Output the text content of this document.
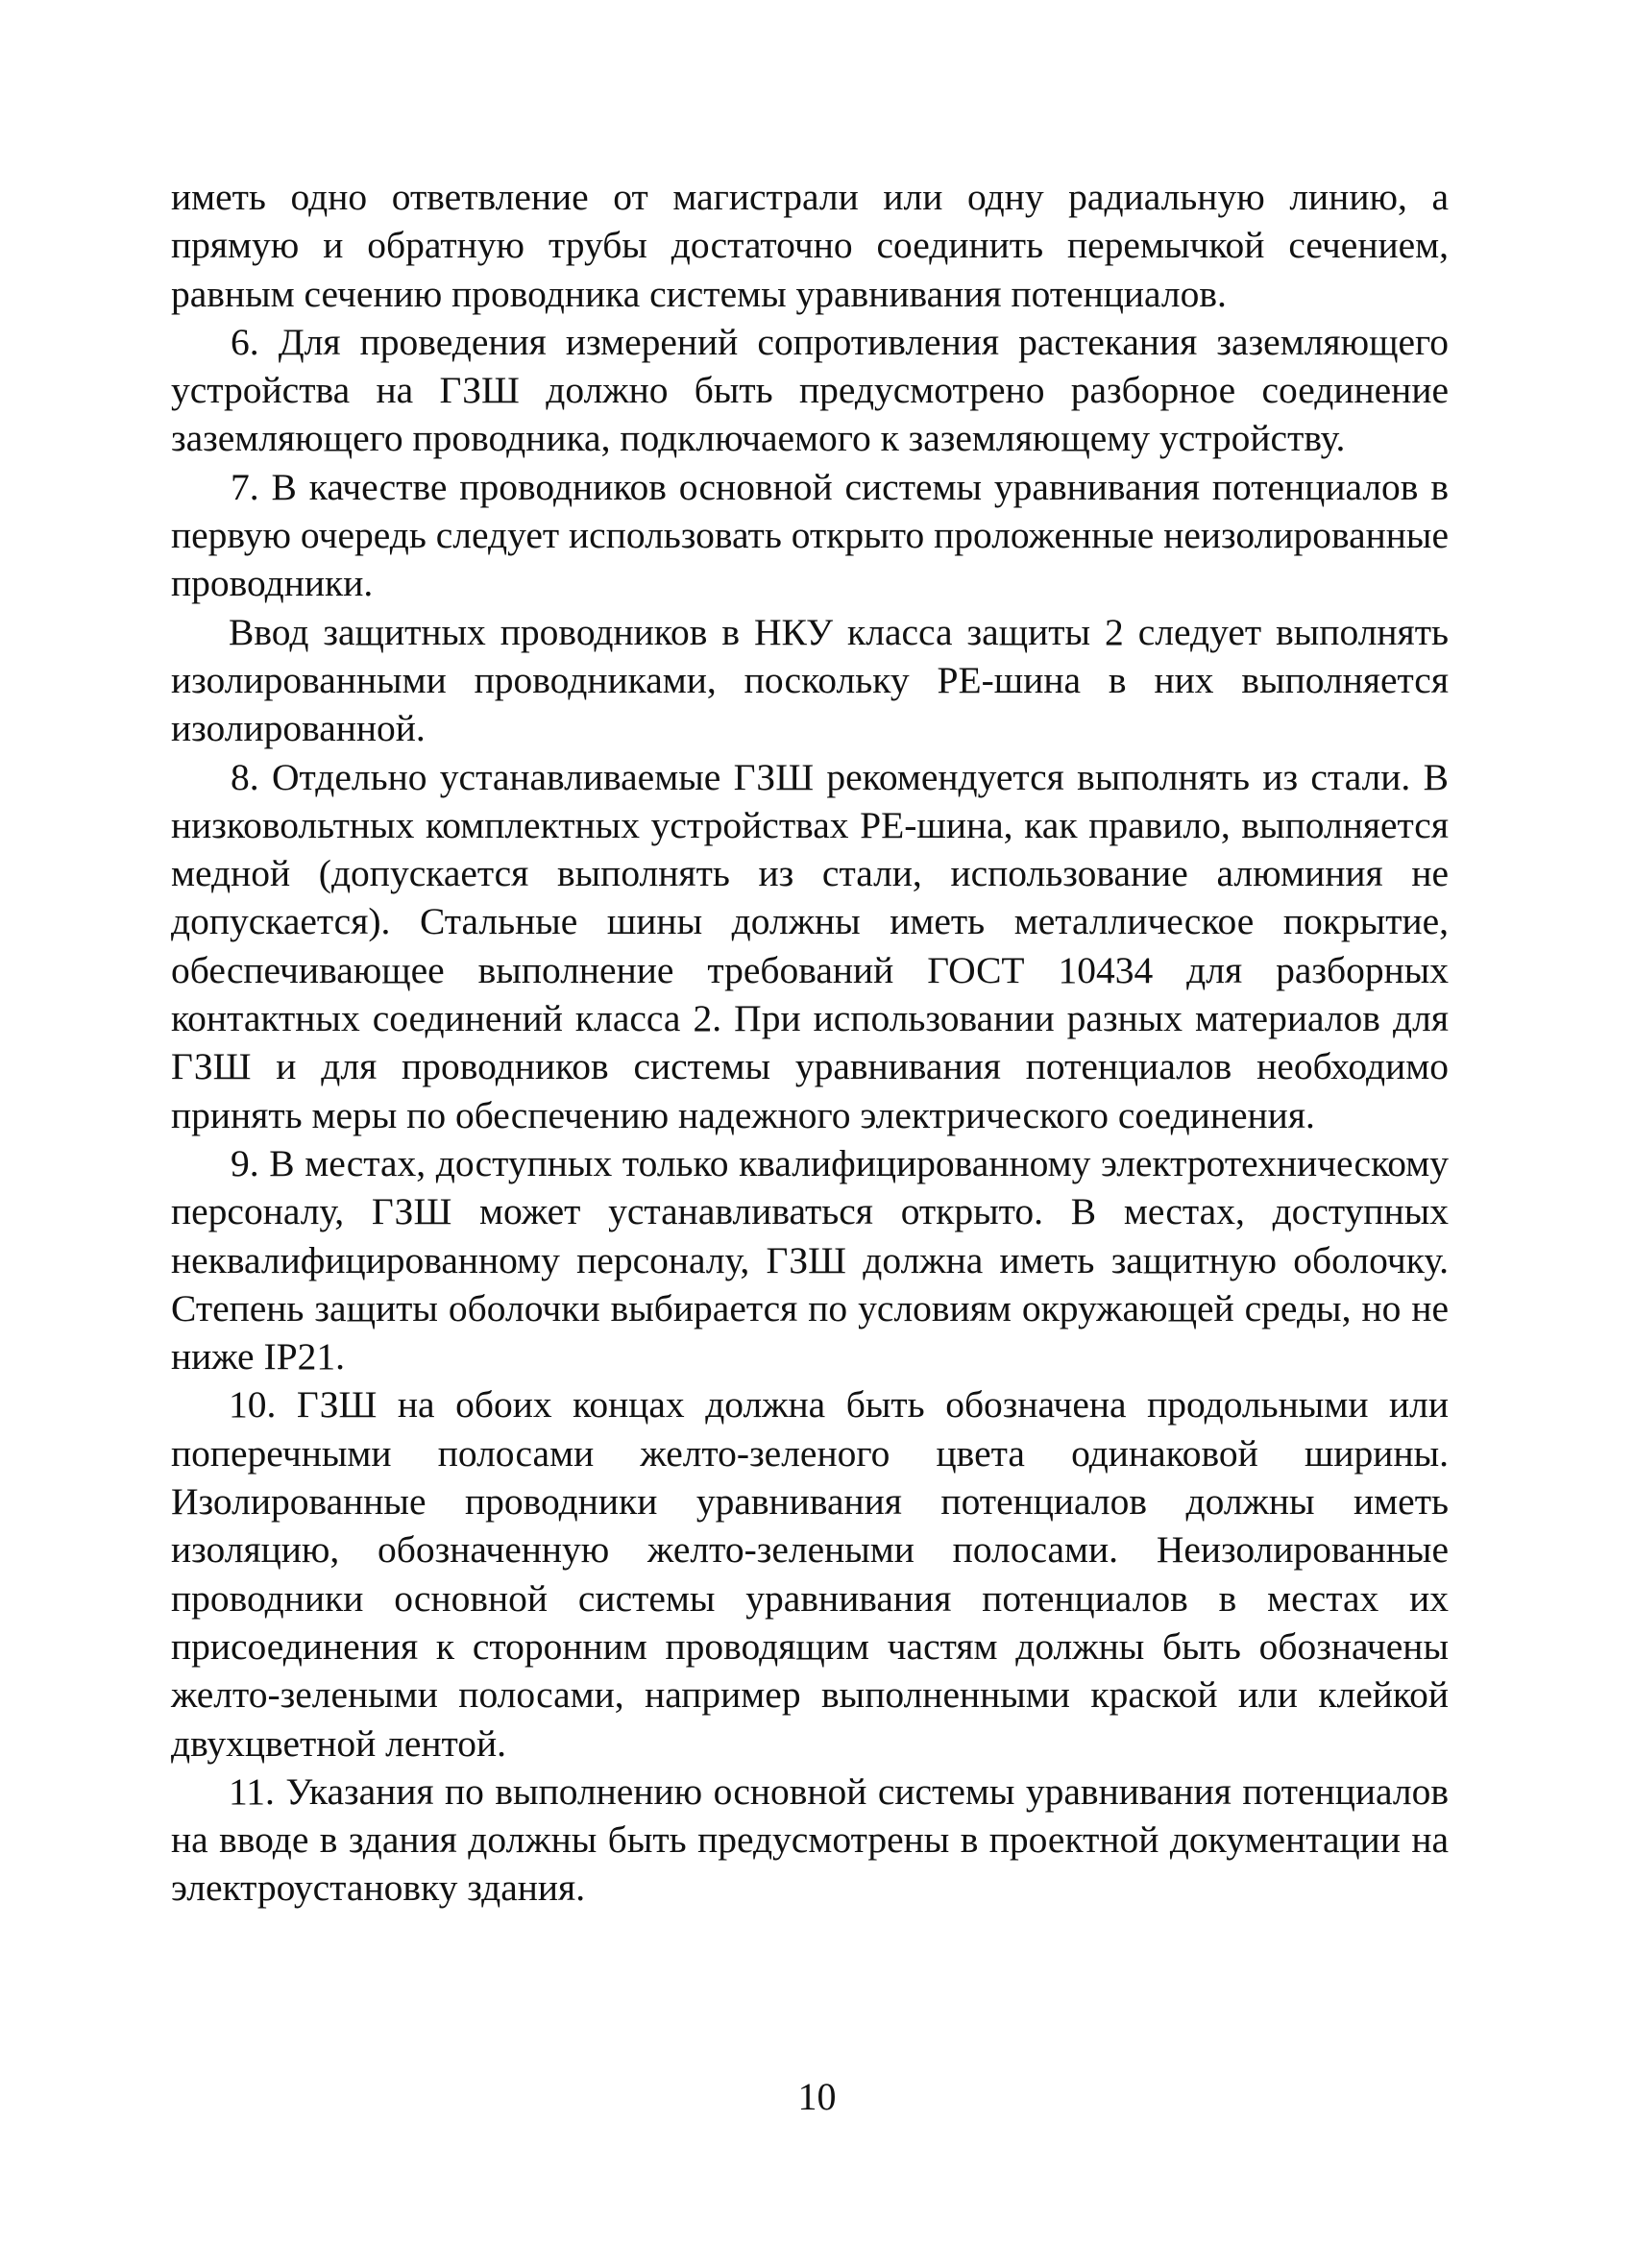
иметь одно ответвление от магистрали или одну радиальную линию, а прямую и обратную трубы достаточно соединить перемычкой сечением, равным сечению проводника системы уравнивания потенциалов.

6. Для проведения измерений сопротивления растекания заземляющего устройства на ГЗШ должно быть предусмотрено разборное соединение заземляющего проводника, подключаемого к заземляющему устройству.

7. В качестве проводников основной системы уравнивания потенциалов в первую очередь следует использовать открыто проложенные неизолированные проводники.

Ввод защитных проводников в НКУ класса защиты 2 следует выполнять изолированными проводниками, поскольку РЕ-шина в них выполняется изолированной.

8. Отдельно устанавливаемые ГЗШ рекомендуется выполнять из стали. В низковольтных комплектных устройствах РЕ-шина, как правило, выполняется медной (допускается выполнять из стали, использование алюминия не допускается). Стальные шины должны иметь металлическое покрытие, обеспечивающее выполнение требований ГОСТ 10434 для разборных контактных соединений класса 2. При использовании разных материалов для ГЗШ и для проводников системы уравнивания потенциалов необходимо принять меры по обеспечению надежного электрического соединения.

9. В местах, доступных только квалифицированному электротехническому персоналу, ГЗШ может устанавливаться открыто. В местах, доступных неквалифицированному персоналу, ГЗШ должна иметь защитную оболочку. Степень защиты оболочки выбирается по условиям окружающей среды, но не ниже IP21.

10. ГЗШ на обоих концах должна быть обозначена продольными или поперечными полосами желто-зеленого цвета одинаковой ширины. Изолированные проводники уравнивания потенциалов должны иметь изоляцию, обозначенную желто-зелеными полосами. Неизолированные проводники основной системы уравнивания потенциалов в местах их присоединения к сторонним проводящим частям должны быть обозначены желто-зелеными полосами, например выполненными краской или клейкой двухцветной лентой.

11. Указания по выполнению основной системы уравнивания потенциалов на вводе в здания должны быть предусмотрены в проектной документации на электроустановку здания.

10
